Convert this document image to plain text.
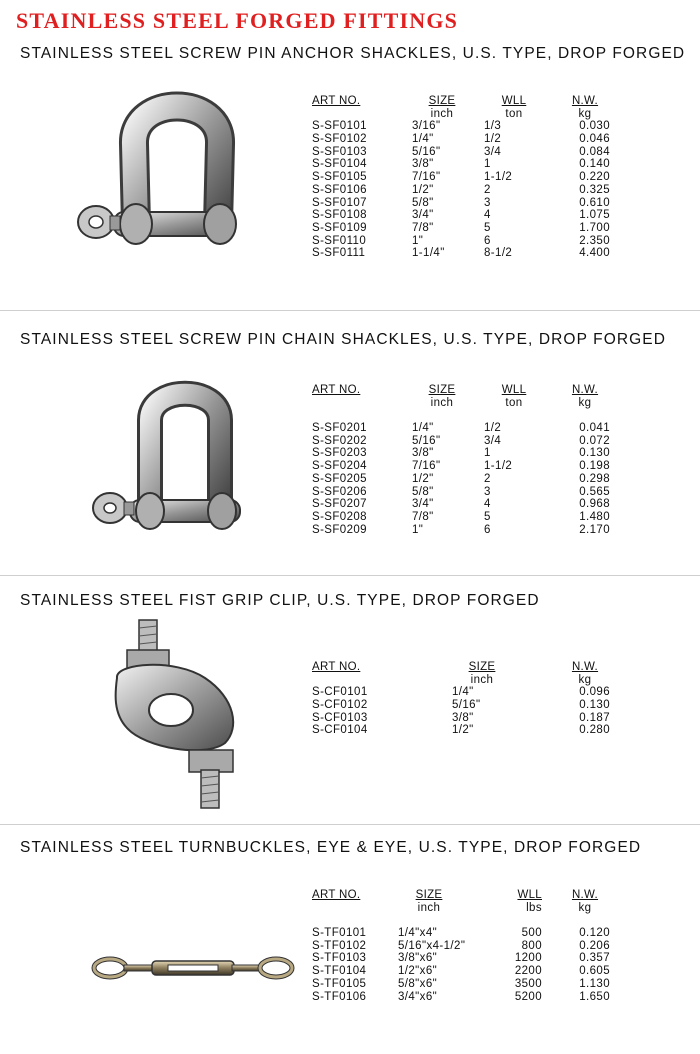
STAINLESS STEEL FORGED FITTINGS
STAINLESS STEEL SCREW PIN ANCHOR SHACKLES, U.S. TYPE, DROP FORGED
ART NO.
S-SF0101
S-SF0102
S-SF0103
S-SF0104
S-SF0105
S-SF0106
S-SF0107
S-SF0108
S-SF0109
S-SF0110
S-SF0111
SIZE
inch
3/16"
1/4"
5/16"
3/8"
7/16"
1/2"
5/8"
3/4"
7/8"
1"
1-1/4"
WLL
ton
1/3
1/2
3/4
1
1-1/2
2
3
4
5
6
8-1/2
N.W.
kg
0.030
0.046
0.084
0.140
0.220
0.325
0.610
1.075
1.700
2.350
4.400
STAINLESS STEEL SCREW PIN CHAIN SHACKLES, U.S. TYPE, DROP FORGED
ART NO.
S-SF0201
S-SF0202
S-SF0203
S-SF0204
S-SF0205
S-SF0206
S-SF0207
S-SF0208
S-SF0209
SIZE
inch
1/4"
5/16"
3/8"
7/16"
1/2"
5/8"
3/4"
7/8"
1"
WLL
ton
1/2
3/4
1
1-1/2
2
3
4
5
6
N.W.
kg
0.041
0.072
0.130
0.198
0.298
0.565
0.968
1.480
2.170
STAINLESS STEEL FIST GRIP CLIP, U.S. TYPE, DROP FORGED
ART NO.
S-CF0101
S-CF0102
S-CF0103
S-CF0104
SIZE
inch
1/4"
5/16"
3/8"
1/2"
N.W.
kg
0.096
0.130
0.187
0.280
STAINLESS STEEL TURNBUCKLES, EYE & EYE, U.S. TYPE, DROP FORGED
ART NO.
S-TF0101
S-TF0102
S-TF0103
S-TF0104
S-TF0105
S-TF0106
SIZE
inch
1/4"x4"
5/16"x4-1/2"
3/8"x6"
1/2"x6"
5/8"x6"
3/4"x6"
WLL
lbs
500
800
1200
2200
3500
5200
N.W.
kg
0.120
0.206
0.357
0.605
1.130
1.650
